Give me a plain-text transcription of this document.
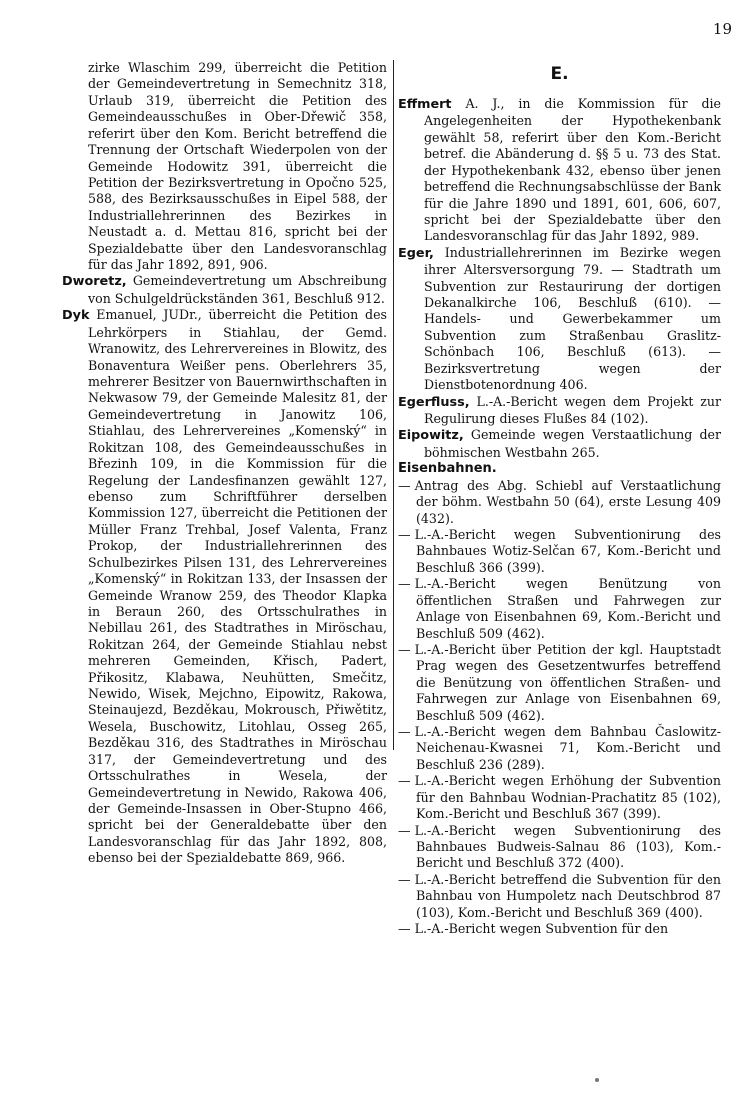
19

zirke Wlaschim 299, überreicht die Petition der Gemeindevertretung in Semechnitz 318, Urlaub 319, überreicht die Petition des Gemeindeausschußes in Ober-Dřewič 358, referirt über den Kom. Bericht betreffend die Trennung der Ortschaft Wiederpolen von der Gemeinde Hodowitz 391, überreicht die Petition der Bezirksvertretung in Opočno 525, 588, des Bezirksausschußes in Eipel 588, der Industriallehrerinnen des Bezirkes in Neustadt a. d. Mettau 816, spricht bei der Spezialdebatte über den Landesvoranschlag für das Jahr 1892, 891, 906.

Dworetz, Gemeindevertretung um Abschreibung von Schulgeldrückständen 361, Beschluß 912.

Dyk Emanuel, JUDr., überreicht die Petition des Lehrkörpers in Stiahlau, der Gemd. Wranowitz, des Lehrervereines in Blowitz, des Bonaventura Weißer pens. Oberlehrers 35, mehrerer Besitzer von Bauernwirthschaften in Nekwasow 79, der Gemeinde Malesitz 81, der Gemeindevertretung in Janowitz 106, Stiahlau, des Lehrervereines „Komenský“ in Rokitzan 108, des Gemeindeausschußes in Březinh 109, in die Kommission für die Regelung der Landesfinanzen gewählt 127, ebenso zum Schriftführer derselben Kommission 127, überreicht die Petitionen der Müller Franz Trehbal, Josef Valenta, Franz Prokop, der Industriallehrerinnen des Schulbezirkes Pilsen 131, des Lehrervereines „Komenský“ in Rokitzan 133, der Insassen der Gemeinde Wranow 259, des Theodor Klapka in Beraun 260, des Ortsschulrathes in Nebillau 261, des Stadtrathes in Miröschau, Rokitzan 264, der Gemeinde Stiahlau nebst mehreren Gemeinden, Křisch, Padert, Přikositz, Klabawa, Neuhütten, Smečitz, Newido, Wisek, Mejchno, Eipowitz, Rakowa, Steinaujezd, Bezděkau, Mokrousch, Přiwětitz, Wesela, Buschowitz, Litohlau, Osseg 265, Bezděkau 316, des Stadtrathes in Miröschau 317, der Gemeindevertretung und des Ortsschulrathes in Wesela, der Gemeindevertretung in Newido, Rakowa 406, der Gemeinde-Insassen in Ober-Stupno 466, spricht bei der Generaldebatte über den Landesvoranschlag für das Jahr 1892, 808, ebenso bei der Spezialdebatte 869, 966.

E.

Effmert A. J., in die Kommission für die Angelegenheiten der Hypothekenbank gewählt 58, referirt über den Kom.-Bericht betref. die Abänderung d. §§ 5 u. 73 des Stat. der Hypothekenbank 432, ebenso über jenen betreffend die Rechnungsabschlüsse der Bank für die Jahre 1890 und 1891, 601, 606, 607, spricht bei der Spezialdebatte über den Landesvoranschlag für das Jahr 1892, 989.

Eger, Industriallehrerinnen im Bezirke wegen ihrer Altersversorgung 79. — Stadtrath um Subvention zur Restaurirung der dortigen Dekanalkirche 106, Beschluß (610). — Handels- und Gewerbekammer um Subvention zum Straßenbau Graslitz-Schönbach 106, Beschluß (613). — Bezirksvertretung wegen der Dienstbotenordnung 406.

Egerfluss, L.-A.-Bericht wegen dem Projekt zur Regulirung dieses Flußes 84 (102).

Eipowitz, Gemeinde wegen Verstaatlichung der böhmischen Westbahn 265.

Eisenbahnen.

— Antrag des Abg. Schiebl auf Verstaatlichung der böhm. Westbahn 50 (64), erste Lesung 409 (432).

— L.-A.-Bericht wegen Subventionirung des Bahnbaues Wotiz-Selčan 67, Kom.-Bericht und Beschluß 366 (399).

— L.-A.-Bericht wegen Benützung von öffentlichen Straßen und Fahrwegen zur Anlage von Eisenbahnen 69, Kom.-Bericht und Beschluß 509 (462).

— L.-A.-Bericht über Petition der kgl. Hauptstadt Prag wegen des Gesetzentwurfes betreffend die Benützung von öffentlichen Straßen- und Fahrwegen zur Anlage von Eisenbahnen 69, Beschluß 509 (462).

— L.-A.-Bericht wegen dem Bahnbau Časlowitz-Neichenau-Kwasnei 71, Kom.-Bericht und Beschluß 236 (289).

— L.-A.-Bericht wegen Erhöhung der Subvention für den Bahnbau Wodnian-Prachatitz 85 (102), Kom.-Bericht und Beschluß 367 (399).

— L.-A.-Bericht wegen Subventionirung des Bahnbaues Budweis-Salnau 86 (103), Kom.-Bericht und Beschluß 372 (400).

— L.-A.-Bericht betreffend die Subvention für den Bahnbau von Humpoletz nach Deutschbrod 87 (103), Kom.-Bericht und Beschluß 369 (400).

— L.-A.-Bericht wegen Subvention für den
